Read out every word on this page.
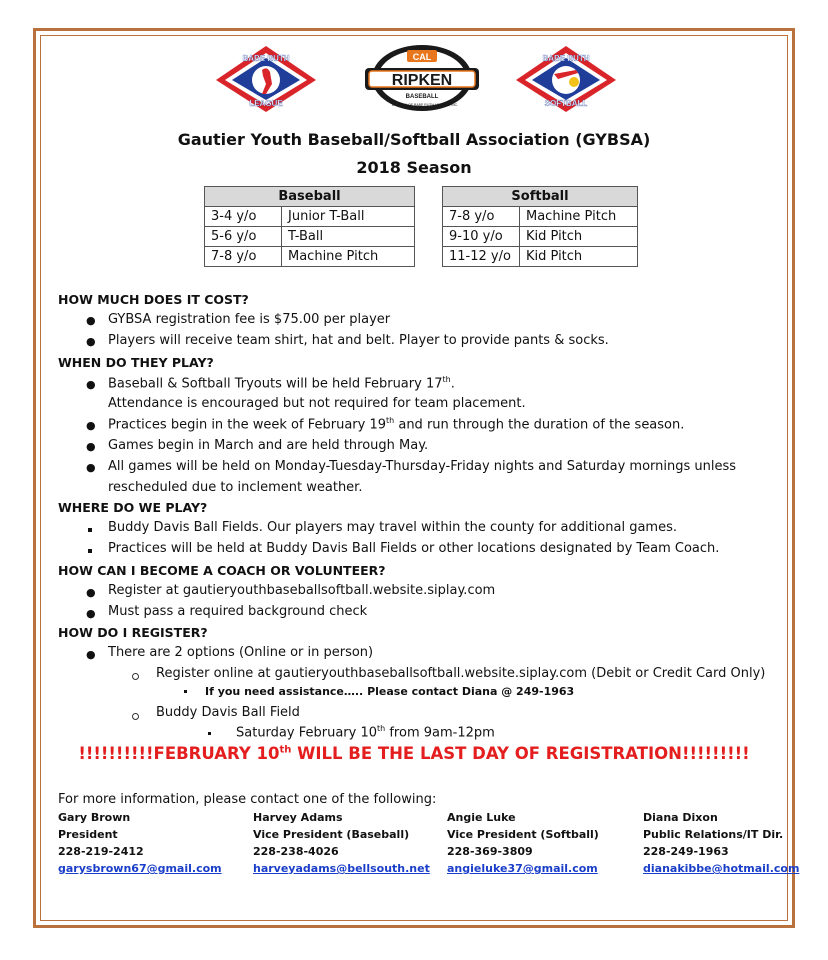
BABE RUTH
LEAGUE
CAL
RIPKEN
BASEBALL
DIVISION OF BABE RUTH LEAGUE, INC.
BABE RUTH
SOFTBALL
Gautier Youth Baseball/Softball Association (GYBSA)
2018 Season
Baseball	
3-4 y/o	Junior T-Ball
5-6 y/o	T-Ball
7-8 y/o	Machine Pitch
Softball	
7-8 y/o	Machine Pitch
9-10 y/o	Kid Pitch
11-12 y/o	Kid Pitch
HOW MUCH DOES IT COST?
● GYBSA registration fee is $75.00 per player
● Players will receive team shirt, hat and belt. Player to provide pants & socks.
WHEN DO THEY PLAY?
● Baseball & Softball Tryouts will be held February 17th.
Attendance is encouraged but not required for team placement.
● Practices begin in the week of February 19th and run through the duration of the season.
● Games begin in March and are held through May.
● All games will be held on Monday-Tuesday-Thursday-Friday nights and Saturday mornings unless
rescheduled due to inclement weather.
WHERE DO WE PLAY?
Buddy Davis Ball Fields. Our players may travel within the county for additional games.
Practices will be held at Buddy Davis Ball Fields or other locations designated by Team Coach.
HOW CAN I BECOME A COACH OR VOLUNTEER?
● Register at gautieryouthbaseballsoftball.website.siplay.com
● Must pass a required background check
HOW DO I REGISTER?
● There are 2 options (Online or in person)
Register online at gautieryouthbaseballsoftball.website.siplay.com (Debit or Credit Card Only)
If you need assistance….. Please contact Diana @ 249-1963
Buddy Davis Ball Field
Saturday February 10th from 9am-12pm
!!!!!!!!!!FEBRUARY 10th WILL BE THE LAST DAY OF REGISTRATION!!!!!!!!!
For more information, please contact one of the following:
Gary Brown
President
228-219-2412
garysbrown67@gmail.com
Harvey Adams
Vice President (Baseball)
228-238-4026
harveyadams@bellsouth.net
Angie Luke
Vice President (Softball)
228-369-3809
angieluke37@gmail.com
Diana Dixon
Public Relations/IT Dir.
228-249-1963
dianakibbe@hotmail.com
